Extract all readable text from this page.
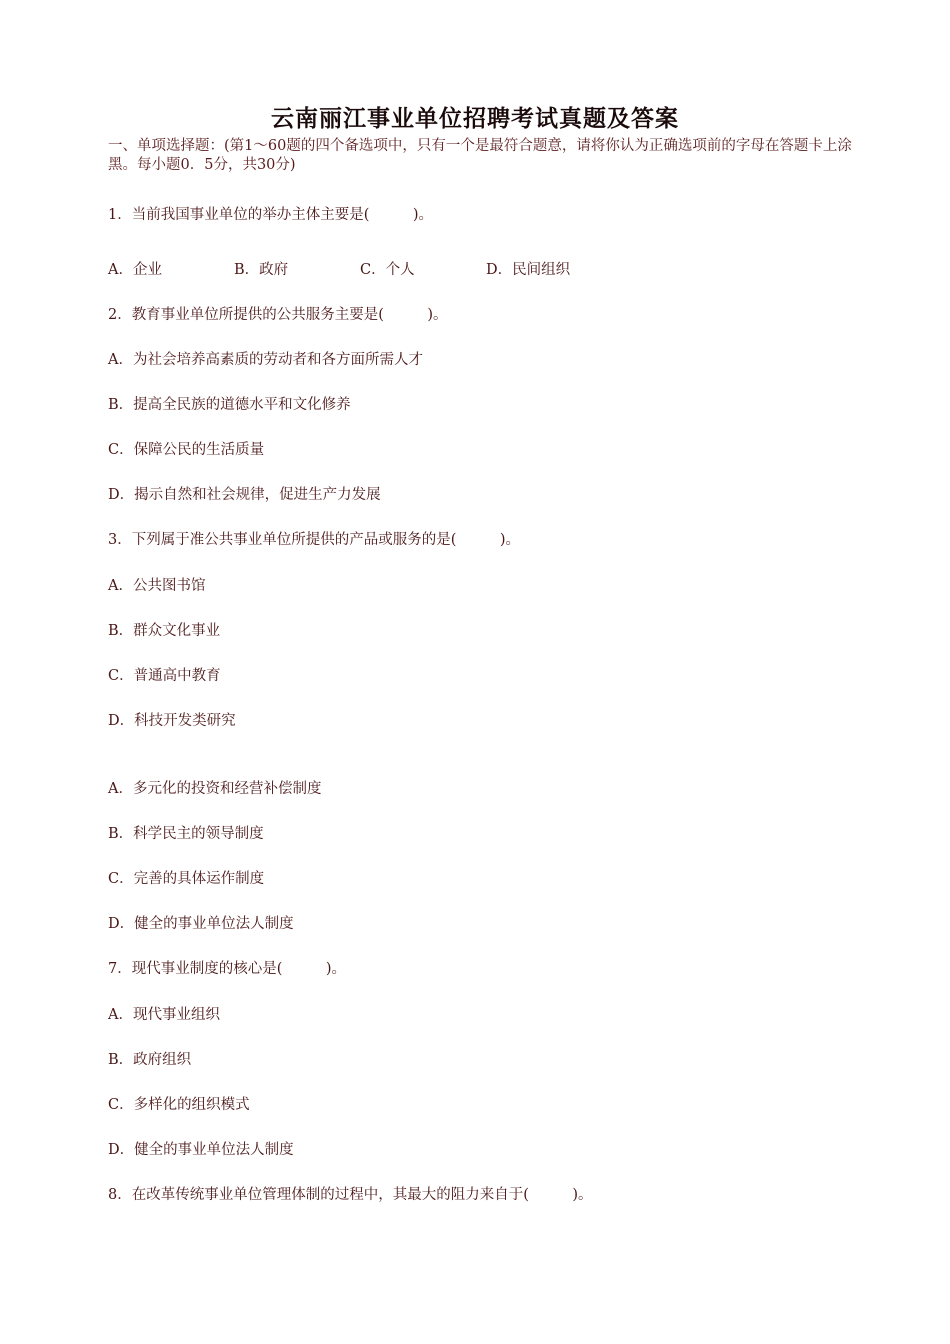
云南丽江事业单位招聘考试真题及答案
一、单项选择题：(第1～60题的四个备选项中，只有一个是最符合题意，请将你认为正确选项前的字母在答题卡上涂黑。每小题0．5分，共30分)
1．当前我国事业单位的举办主体主要是(　　　)。
A．企业	B．政府	C．个人	D．民间组织
2．教育事业单位所提供的公共服务主要是(　　　)。
A．为社会培养高素质的劳动者和各方面所需人才
B．提高全民族的道德水平和文化修养
C．保障公民的生活质量
D．揭示自然和社会规律，促进生产力发展
3．下列属于准公共事业单位所提供的产品或服务的是(　　　)。
A．公共图书馆
B．群众文化事业
C．普通高中教育
D．科技开发类研究
A．多元化的投资和经营补偿制度
B．科学民主的领导制度
C．完善的具体运作制度
D．健全的事业单位法人制度
7．现代事业制度的核心是(　　　)。
A．现代事业组织
B．政府组织
C．多样化的组织模式
D．健全的事业单位法人制度
8．在改革传统事业单位管理体制的过程中，其最大的阻力来自于(　　　)。
